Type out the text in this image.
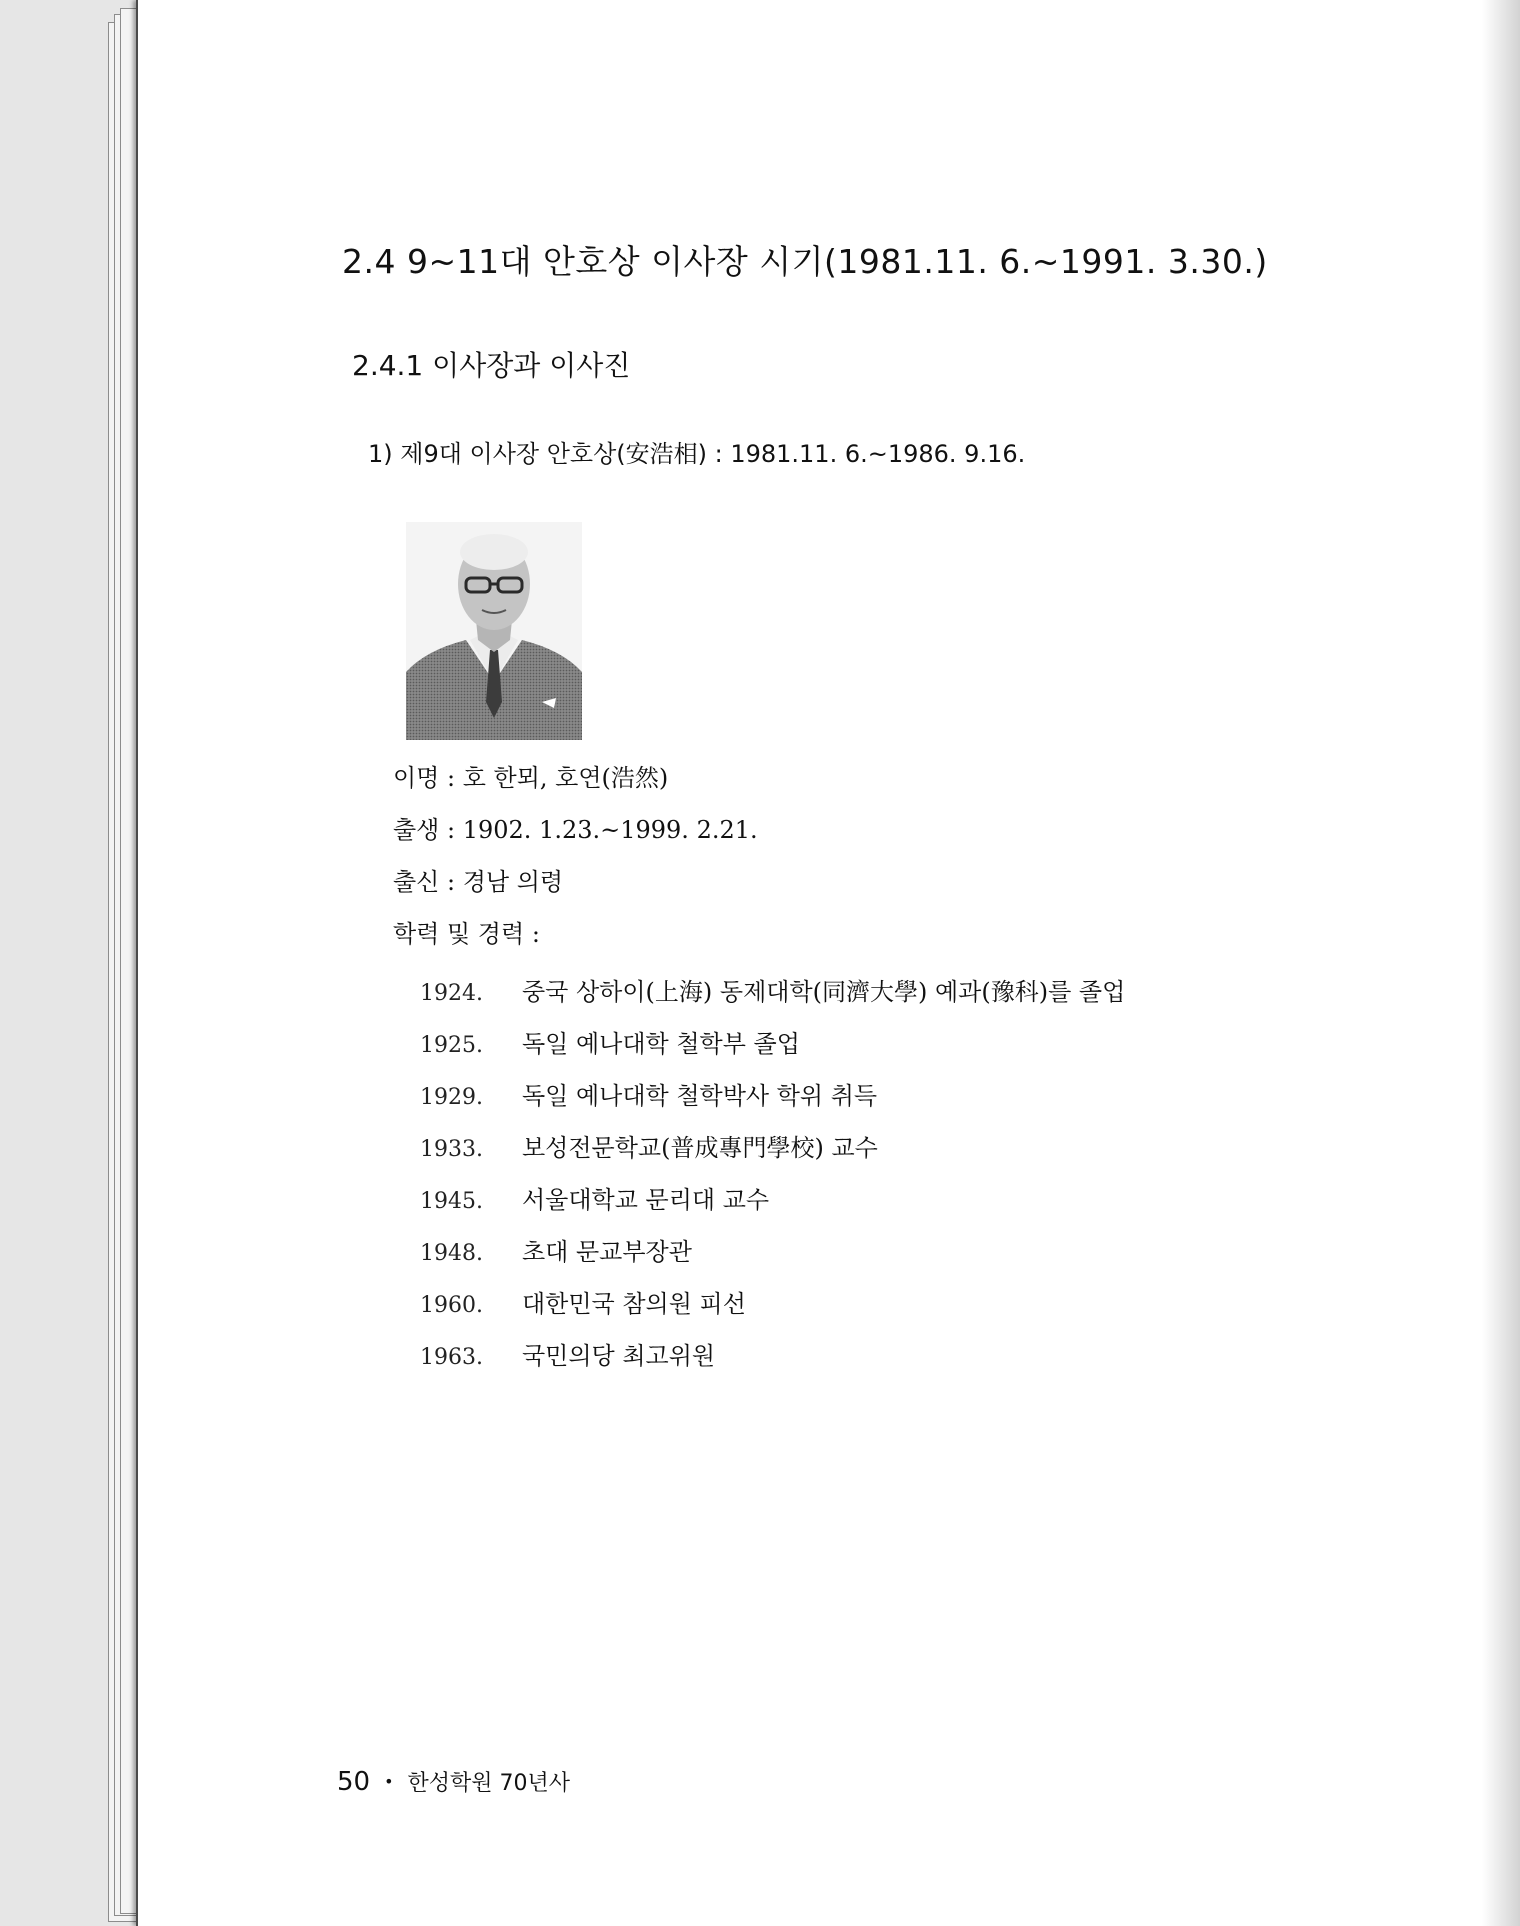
2.4 9~11대 안호상 이사장 시기(1981.11. 6.~1991. 3.30.)
2.4.1 이사장과 이사진

1) 제9대 이사장 안호상(安浩相) : 1981.11. 6.~1986. 9.16.

이명 : 호 한뫼, 호연(浩然)
출생 : 1902. 1.23.~1999. 2.21.
출신 : 경남 의령
학력 및 경력 :
1924. 중국 상하이(上海) 동제대학(同濟大學) 예과(豫科)를 졸업
1925. 독일 예나대학 철학부 졸업
1929. 독일 예나대학 철학박사 학위 취득
1933. 보성전문학교(普成專門學校) 교수
1945. 서울대학교 문리대 교수
1948. 초대 문교부장관
1960. 대한민국 참의원 피선
1963. 국민의당 최고위원
50 • 한성학원 70년사
